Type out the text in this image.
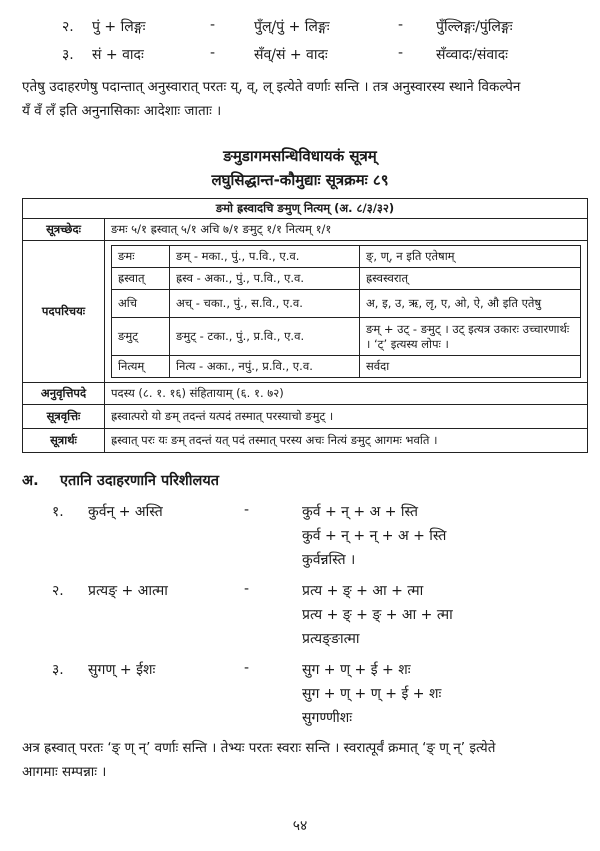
२. पुं + लिङ्गः	-	पुँल्/पुं + लिङ्गः	- पुँल्लिङ्गः/पुंलिङ्गः
३. सं + वादः	-	सँव्/सं + वादः	- सँव्वादः/संवादः
एतेषु उदाहरणेषु पदान्तात् अनुस्वारात् परतः य्, व्, ल् इत्येते वर्णाः सन्ति । तत्र अनुस्वारस्य स्थाने विकल्पेन
यँ वँ लँ इति अनुनासिकाः आदेशाः जाताः ।
ङमुडागमसन्धिविधायकं सूत्रम्
लघुसिद्धान्त-कौमुद्याः सूत्रक्रमः ८९
ङमो ह्रस्वादचि ङमुण् नित्यम् (अ. ८/३/३२)
सूत्रच्छेदः	ङमः ५/१ ह्रस्वात् ५/१ अचि ७/१ ङमुट् १/१ नित्यम् १/१
पदपरिचयः	
ङमः	ङम् - मका., पुं., प.वि., ए.व.	ङ्, ण्, न इति एतेषाम्
ह्रस्वात्	ह्रस्व - अका., पुं., प.वि., ए.व.	ह्रस्वस्वरात्
अचि	अच् - चका., पुं., स.वि., ए.व.	अ, इ, उ, ऋ, लृ, ए, ओ, ऐ, औ इति एतेषु
ङमुट्	ङमुट् - टका., पुं., प्र.वि., ए.व.	ङम् + उट् - ङमुट् । उट् इत्यत्र उकारः उच्चारणार्थः । ‘ट्’ इत्यस्य लोपः ।
नित्यम्	नित्य - अका., नपुं., प्र.वि., ए.व.	सर्वदा

अनुवृत्तिपदे	पदस्य (८. १. १६) संहितायाम् (६. १. ७२)
सूत्रवृत्तिः	ह्रस्वात्परो यो ङम् तदन्तं यत्पदं तस्मात् परस्याचो ङमुट् ।
सूत्रार्थः	ह्रस्वात् परः यः ङम् तदन्तं यत् पदं तस्मात् परस्य अचः नित्यं ङमुट् आगमः भवति ।
अ. एतानि उदाहरणानि परिशीलयत
१. कुर्वन् + अस्ति	-	कुर्व + न् + अ + स्ति
कुर्व + न् + न् + अ + स्ति
कुर्वन्नस्ति ।
२. प्रत्यङ् + आत्मा	-	प्रत्य + ङ् + आ + त्मा
प्रत्य + ङ् + ङ् + आ + त्मा
प्रत्यङ्ङात्मा
३. सुगण् + ईशः	-	सुग + ण् + ई + शः
सुग + ण् + ण् + ई + शः
सुगण्णीशः
अत्र ह्रस्वात् परतः ‘ङ् ण् न्’ वर्णाः सन्ति । तेभ्यः परतः स्वराः सन्ति । स्वरात्पूर्वं क्रमात् ‘ङ् ण् न्’ इत्येते
आगमाः सम्पन्नाः ।
५४
